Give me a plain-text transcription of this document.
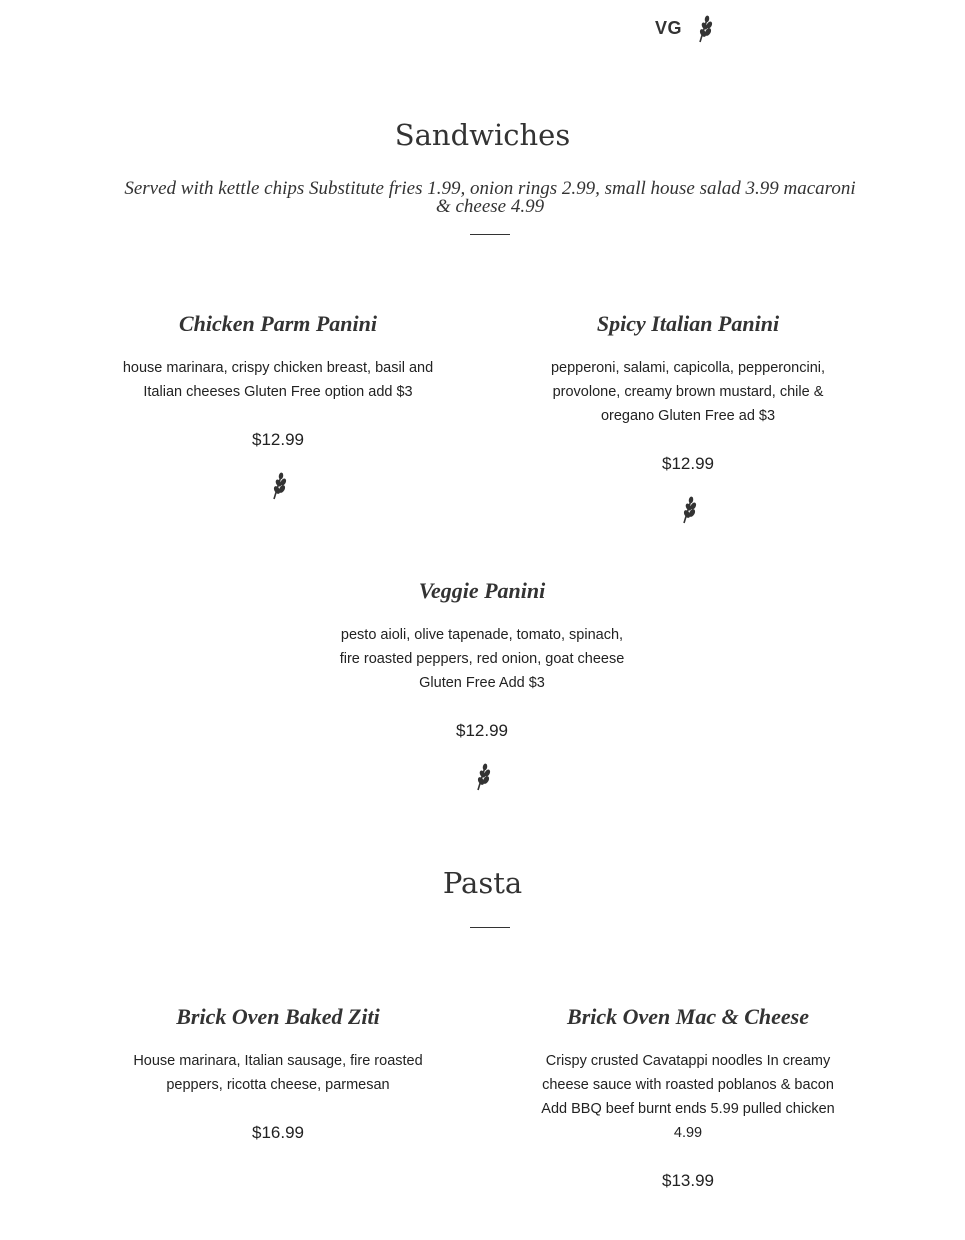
VG
Sandwiches
Served with kettle chips Substitute fries 1.99, onion rings 2.99, small house salad 3.99 macaroni & cheese 4.99
Chicken Parm Panini
house marinara, crispy chicken breast, basil and Italian cheeses Gluten Free option add $3
$12.99
Spicy Italian Panini
pepperoni, salami, capicolla, pepperoncini, provolone, creamy brown mustard, chile & oregano Gluten Free ad $3
$12.99
Veggie Panini
pesto aioli, olive tapenade, tomato, spinach, fire roasted peppers, red onion, goat cheese Gluten Free Add $3
$12.99
Pasta
Brick Oven Baked Ziti
House marinara, Italian sausage, fire roasted peppers, ricotta cheese, parmesan
$16.99
Brick Oven Mac & Cheese
Crispy crusted Cavatappi noodles In creamy cheese sauce with roasted poblanos & bacon Add BBQ beef burnt ends 5.99 pulled chicken 4.99
$13.99
